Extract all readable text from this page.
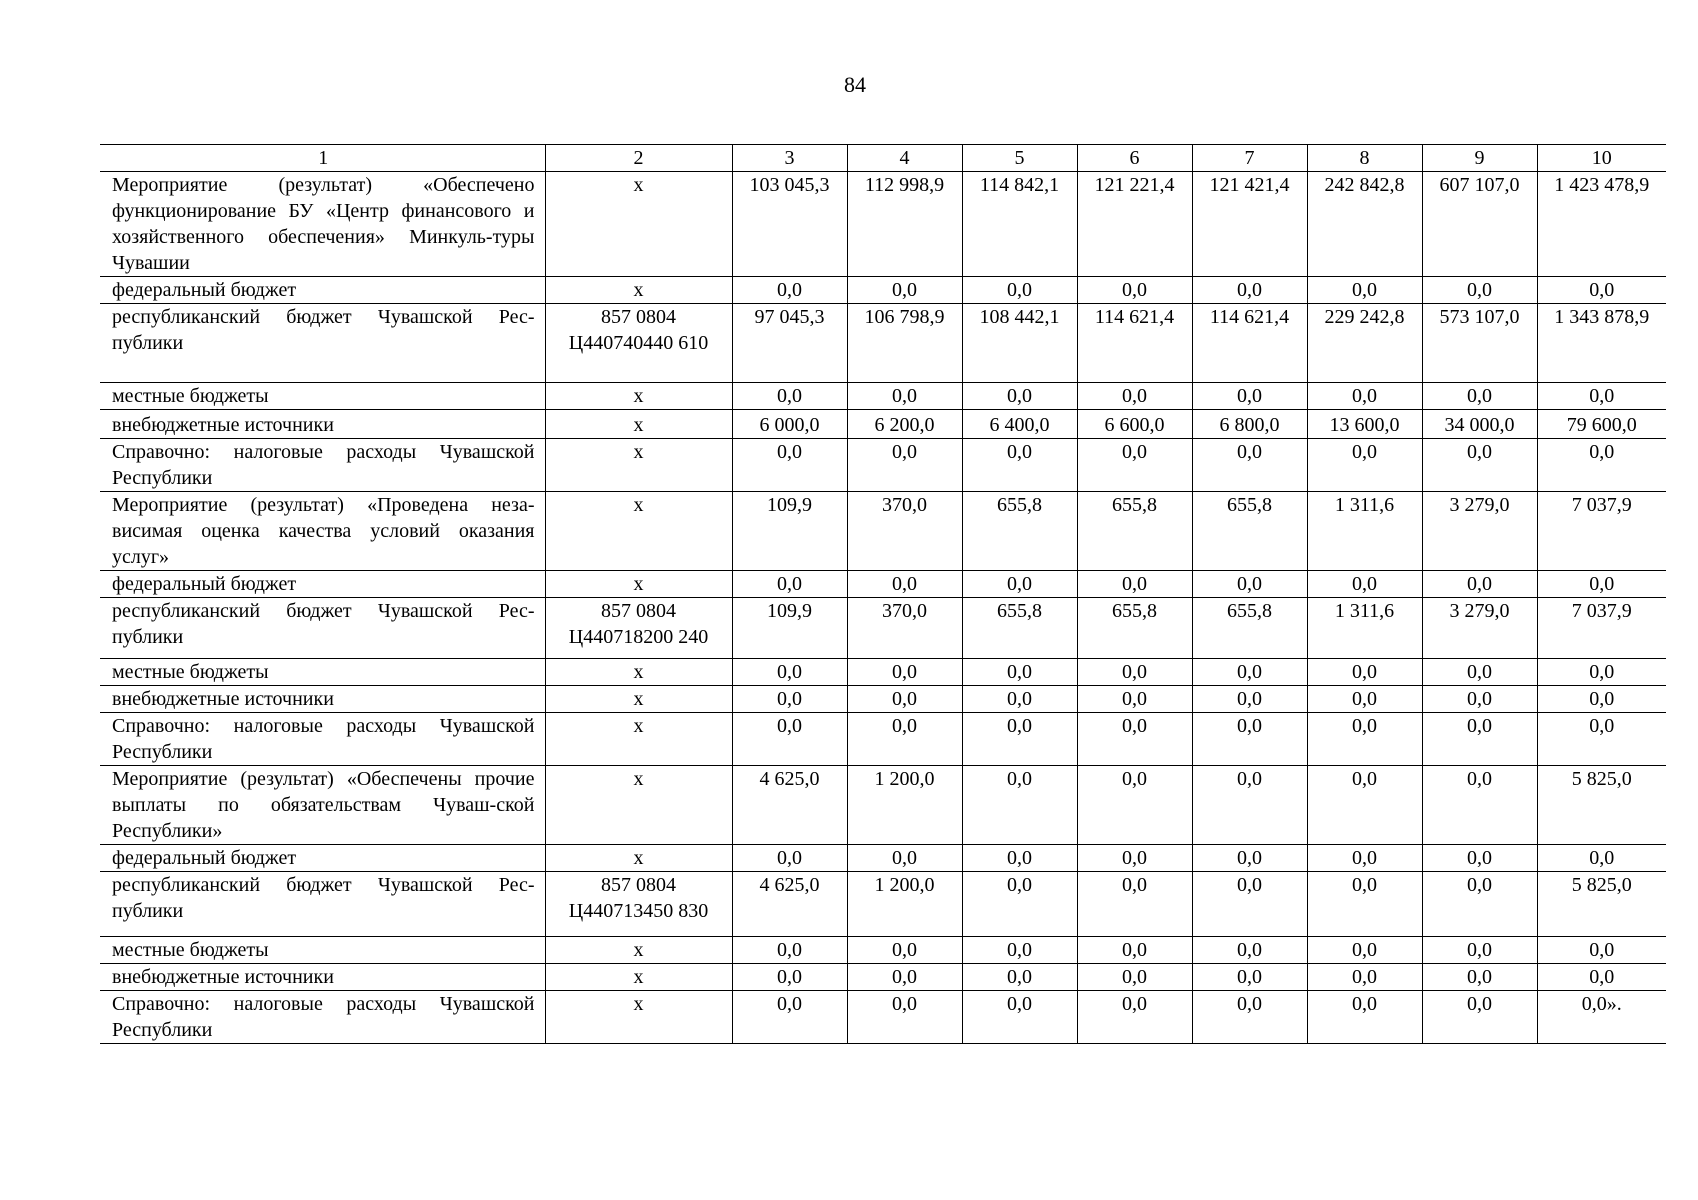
84
1	2	3	4	5	6	7	8	9	10
Мероприятие (результат) «Обеспечено функционирование БУ «Центр финансового и хозяйственного обеспечения» Минкуль-туры Чувашии	x	103 045,3	112 998,9	114 842,1	121 221,4	121 421,4	242 842,8	607 107,0	1 423 478,9
федеральный бюджет	x	0,0	0,0	0,0	0,0	0,0	0,0	0,0	0,0
республиканский бюджет Чувашской Рес-публики	857 0804 Ц440740440 610	97 045,3	106 798,9	108 442,1	114 621,4	114 621,4	229 242,8	573 107,0	1 343 878,9
местные бюджеты	x	0,0	0,0	0,0	0,0	0,0	0,0	0,0	0,0
внебюджетные источники	x	6 000,0	6 200,0	6 400,0	6 600,0	6 800,0	13 600,0	34 000,0	79 600,0
Справочно: налоговые расходы Чувашской Республики	x	0,0	0,0	0,0	0,0	0,0	0,0	0,0	0,0
Мероприятие (результат) «Проведена неза-висимая оценка качества условий оказания услуг»	x	109,9	370,0	655,8	655,8	655,8	1 311,6	3 279,0	7 037,9
федеральный бюджет	x	0,0	0,0	0,0	0,0	0,0	0,0	0,0	0,0
республиканский бюджет Чувашской Рес-публики	857 0804 Ц440718200 240	109,9	370,0	655,8	655,8	655,8	1 311,6	3 279,0	7 037,9
местные бюджеты	x	0,0	0,0	0,0	0,0	0,0	0,0	0,0	0,0
внебюджетные источники	x	0,0	0,0	0,0	0,0	0,0	0,0	0,0	0,0
Справочно: налоговые расходы Чувашской Республики	x	0,0	0,0	0,0	0,0	0,0	0,0	0,0	0,0
Мероприятие (результат) «Обеспечены прочие выплаты по обязательствам Чуваш-ской Республики»	x	4 625,0	1 200,0	0,0	0,0	0,0	0,0	0,0	5 825,0
федеральный бюджет	x	0,0	0,0	0,0	0,0	0,0	0,0	0,0	0,0
республиканский бюджет Чувашской Рес-публики	857 0804 Ц440713450 830	4 625,0	1 200,0	0,0	0,0	0,0	0,0	0,0	5 825,0
местные бюджеты	x	0,0	0,0	0,0	0,0	0,0	0,0	0,0	0,0
внебюджетные источники	x	0,0	0,0	0,0	0,0	0,0	0,0	0,0	0,0
Справочно: налоговые расходы Чувашской Республики	x	0,0	0,0	0,0	0,0	0,0	0,0	0,0	0,0».
